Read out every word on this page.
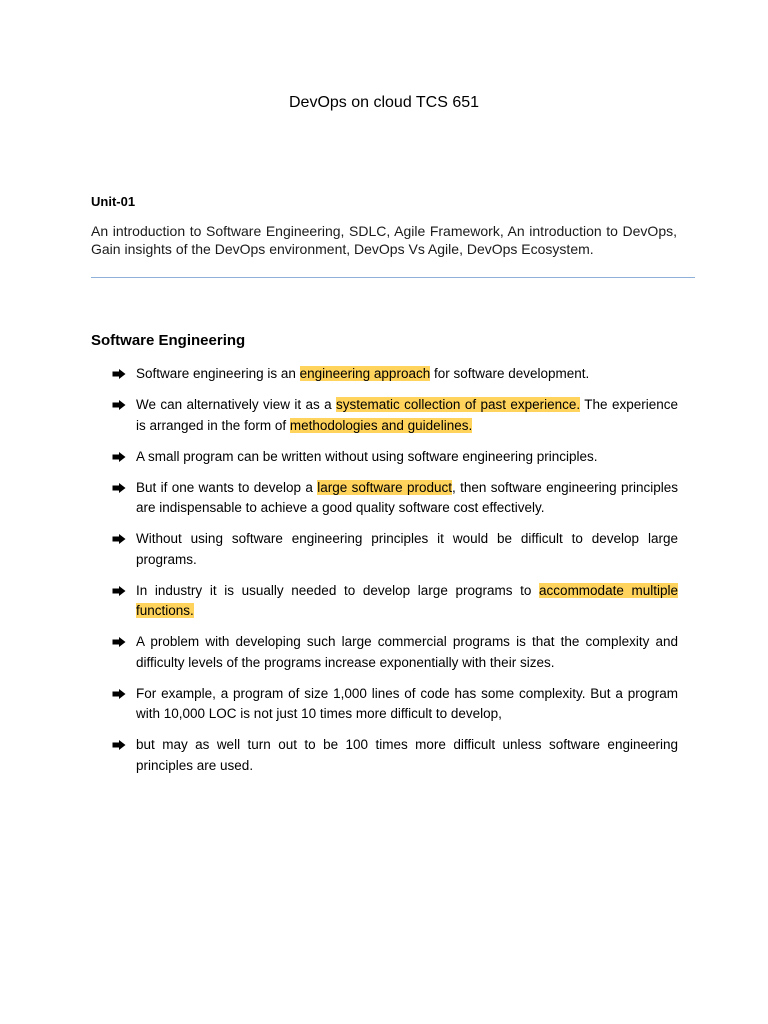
DevOps on cloud TCS 651
Unit-01
An introduction to Software Engineering, SDLC, Agile Framework, An introduction to DevOps, Gain insights of the DevOps environment, DevOps Vs Agile, DevOps Ecosystem.
Software Engineering
Software engineering is an engineering approach for software development.
We can alternatively view it as a systematic collection of past experience. The experience is arranged in the form of methodologies and guidelines.
A small program can be written without using software engineering principles.
But if one wants to develop a large software product, then software engineering principles are indispensable to achieve a good quality software cost effectively.
Without using software engineering principles it would be difficult to develop large programs.
In industry it is usually needed to develop large programs to accommodate multiple functions.
A problem with developing such large commercial programs is that the complexity and difficulty levels of the programs increase exponentially with their sizes.
For example, a program of size 1,000 lines of code has some complexity. But a program with 10,000 LOC is not just 10 times more difficult to develop,
but may as well turn out to be 100 times more difficult unless software engineering principles are used.
